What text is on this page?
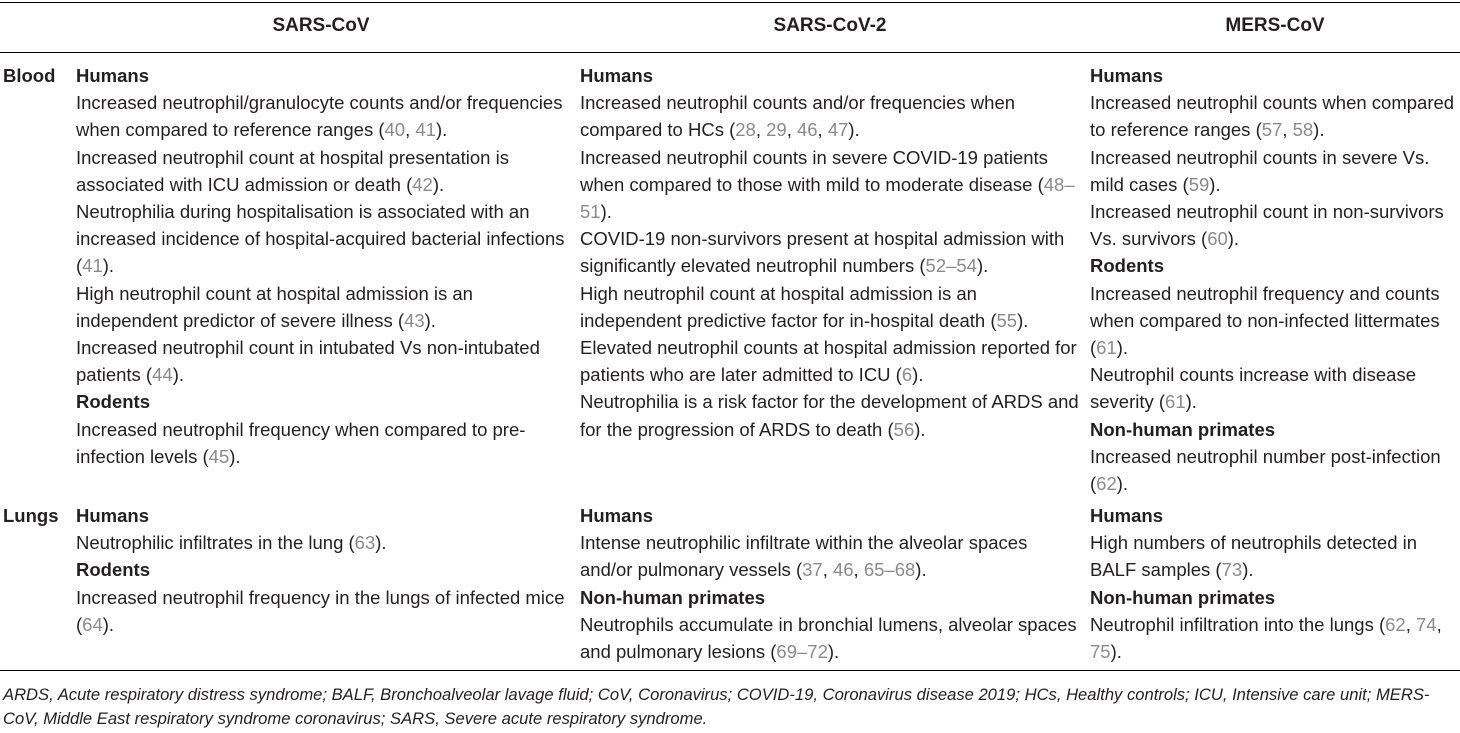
SARS-CoV	SARS-CoV-2	MERS-CoV
Blood Humans
Increased neutrophil/granulocyte counts and/or frequencies when compared to reference ranges (40, 41).
Increased neutrophil count at hospital presentation is associated with ICU admission or death (42).
Neutrophilia during hospitalisation is associated with an increased incidence of hospital-acquired bacterial infections (41).
High neutrophil count at hospital admission is an independent predictor of severe illness (43).
Increased neutrophil count in intubated Vs non-intubated patients (44).
Rodents
Increased neutrophil frequency when compared to pre-infection levels (45).
Humans
Increased neutrophil counts and/or frequencies when compared to HCs (28, 29, 46, 47).
Increased neutrophil counts in severe COVID-19 patients when compared to those with mild to moderate disease (48–51).
COVID-19 non-survivors present at hospital admission with significantly elevated neutrophil numbers (52–54).
High neutrophil count at hospital admission is an independent predictive factor for in-hospital death (55).
Elevated neutrophil counts at hospital admission reported for patients who are later admitted to ICU (6).
Neutrophilia is a risk factor for the development of ARDS and for the progression of ARDS to death (56).
Humans
Increased neutrophil counts when compared to reference ranges (57, 58).
Increased neutrophil counts in severe Vs. mild cases (59).
Increased neutrophil count in non-survivors Vs. survivors (60).
Rodents
Increased neutrophil frequency and counts when compared to non-infected littermates (61).
Neutrophil counts increase with disease severity (61).
Non-human primates
Increased neutrophil number post-infection (62).
Lungs Humans
Neutrophilic infiltrates in the lung (63).
Rodents
Increased neutrophil frequency in the lungs of infected mice (64).
Humans
Intense neutrophilic infiltrate within the alveolar spaces and/or pulmonary vessels (37, 46, 65–68).
Non-human primates
Neutrophils accumulate in bronchial lumens, alveolar spaces and pulmonary lesions (69–72).
Humans
High numbers of neutrophils detected in BALF samples (73).
Non-human primates
Neutrophil infiltration into the lungs (62, 74, 75).
ARDS, Acute respiratory distress syndrome; BALF, Bronchoalveolar lavage fluid; CoV, Coronavirus; COVID-19, Coronavirus disease 2019; HCs, Healthy controls; ICU, Intensive care unit; MERS-CoV, Middle East respiratory syndrome coronavirus; SARS, Severe acute respiratory syndrome.
